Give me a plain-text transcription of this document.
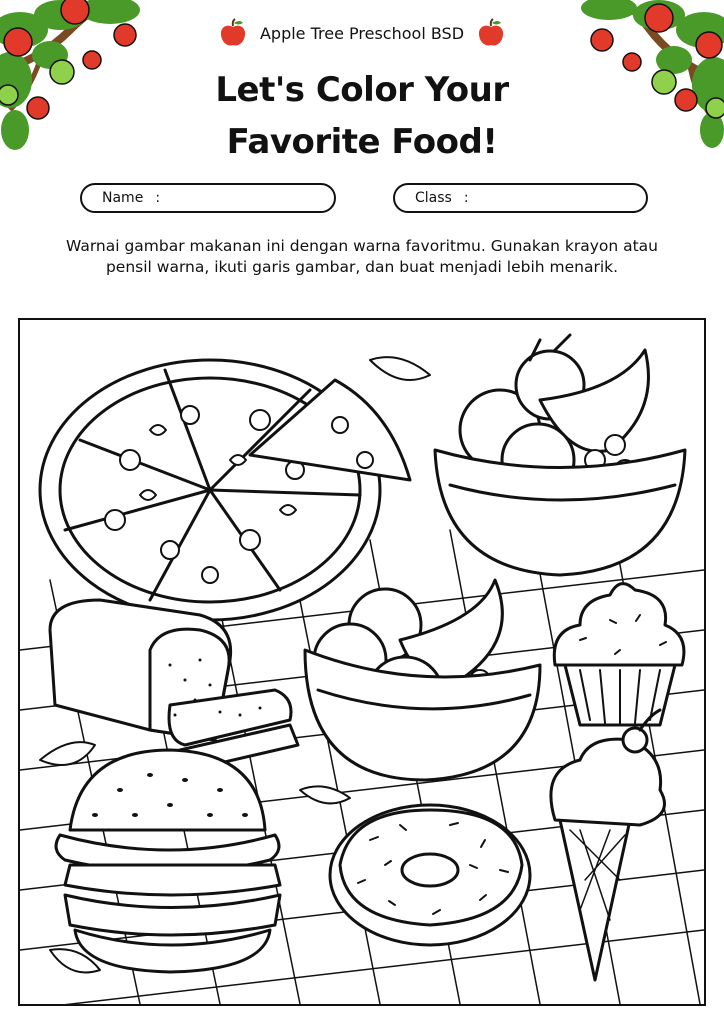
Apple Tree Preschool BSD
Let's Color Your
Favorite Food!
Name :	Class :
Warnai gambar makanan ini dengan warna favoritmu. Gunakan krayon atau
pensil warna, ikuti garis gambar, dan buat menjadi lebih menarik.
